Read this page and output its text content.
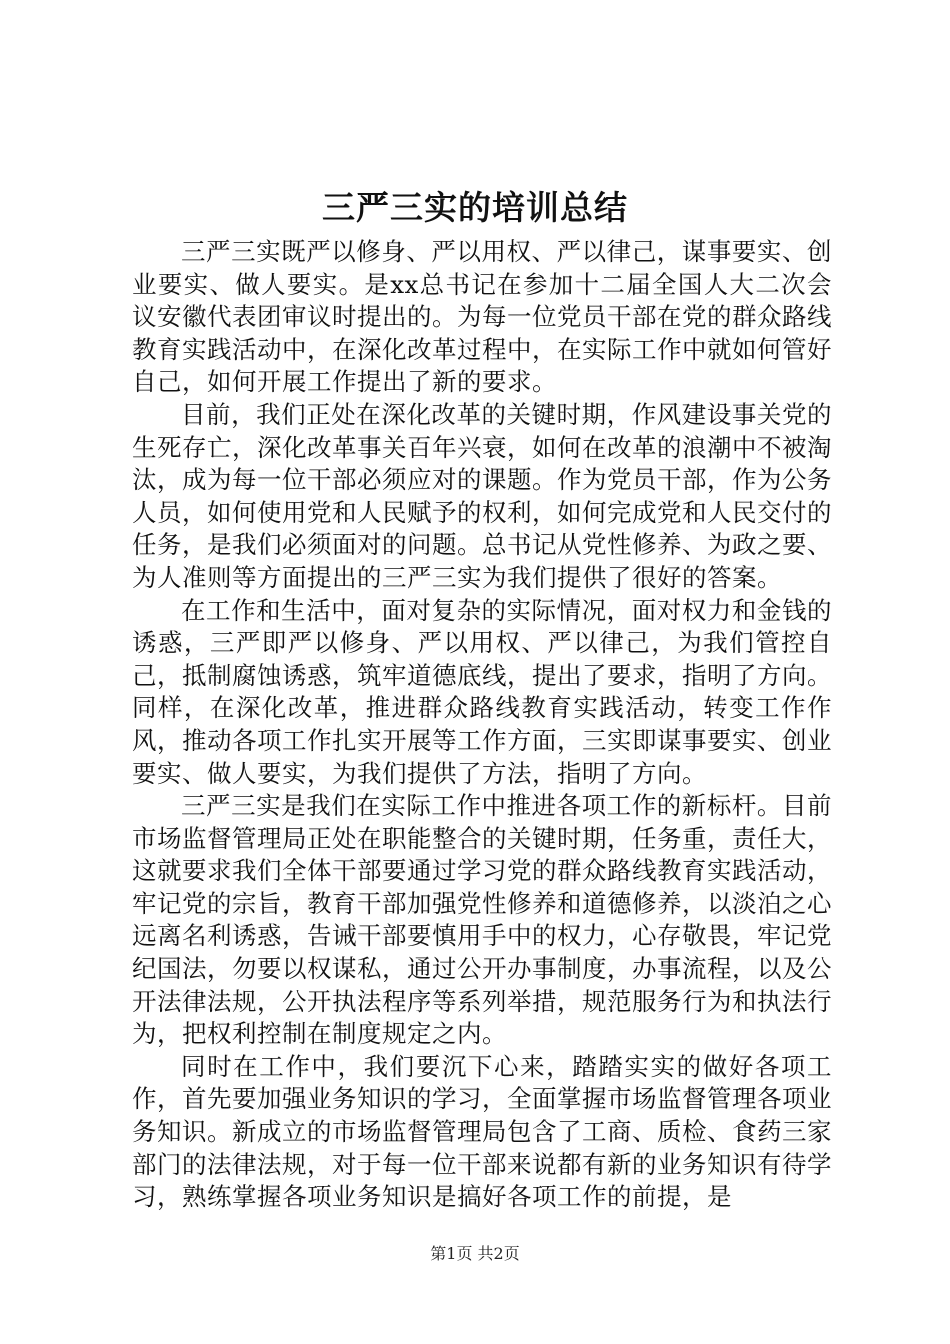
三严三实的培训总结

三严三实既严以修身、严以用权、严以律己，谋事要实、创业要实、做人要实。是xx总书记在参加十二届全国人大二次会议安徽代表团审议时提出的。为每一位党员干部在党的群众路线教育实践活动中，在深化改革过程中，在实际工作中就如何管好自己，如何开展工作提出了新的要求。

目前，我们正处在深化改革的关键时期，作风建设事关党的生死存亡，深化改革事关百年兴衰，如何在改革的浪潮中不被淘汰，成为每一位干部必须应对的课题。作为党员干部，作为公务人员，如何使用党和人民赋予的权利，如何完成党和人民交付的任务，是我们必须面对的问题。总书记从党性修养、为政之要、为人准则等方面提出的三严三实为我们提供了很好的答案。

在工作和生活中，面对复杂的实际情况，面对权力和金钱的诱惑，三严即严以修身、严以用权、严以律己，为我们管控自己，抵制腐蚀诱惑，筑牢道德底线，提出了要求，指明了方向。同样，在深化改革，推进群众路线教育实践活动，转变工作作风，推动各项工作扎实开展等工作方面，三实即谋事要实、创业要实、做人要实，为我们提供了方法，指明了方向。

三严三实是我们在实际工作中推进各项工作的新标杆。目前市场监督管理局正处在职能整合的关键时期，任务重，责任大，这就要求我们全体干部要通过学习党的群众路线教育实践活动，牢记党的宗旨，教育干部加强党性修养和道德修养，以淡泊之心远离名利诱惑，告诫干部要慎用手中的权力，心存敬畏，牢记党纪国法，勿要以权谋私，通过公开办事制度，办事流程，以及公开法律法规，公开执法程序等系列举措，规范服务行为和执法行为，把权利控制在制度规定之内。

同时在工作中，我们要沉下心来，踏踏实实的做好各项工作，首先要加强业务知识的学习，全面掌握市场监督管理各项业务知识。新成立的市场监督管理局包含了工商、质检、食药三家部门的法律法规，对于每一位干部来说都有新的业务知识有待学习，熟练掌握各项业务知识是搞好各项工作的前提，是

第1页 共2页
